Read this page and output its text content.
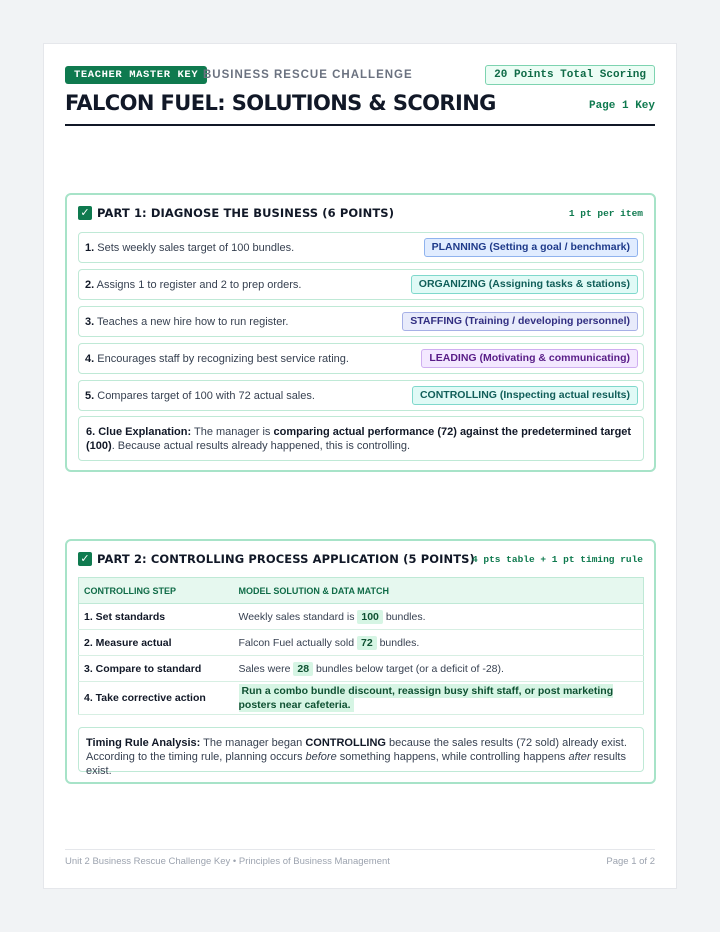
TEACHER MASTER KEY BUSINESS RESCUE CHALLENGE	20 Points Total Scoring
FALCON FUEL: SOLUTIONS & SCORING	Page 1 Key
✓ PART 1: DIAGNOSE THE BUSINESS (6 POINTS)	1 pt per item
1. Sets weekly sales target of 100 bundles.	PLANNING (Setting a goal / benchmark)
2. Assigns 1 to register and 2 to prep orders.	ORGANIZING (Assigning tasks & stations)
3. Teaches a new hire how to run register.	STAFFING (Training / developing personnel)
4. Encourages staff by recognizing best service rating.	LEADING (Motivating & communicating)
5. Compares target of 100 with 72 actual sales.	CONTROLLING (Inspecting actual results)
6. Clue Explanation: The manager is comparing actual performance (72) against the predetermined target (100). Because actual results already happened, this is controlling.
✓ PART 2: CONTROLLING PROCESS APPLICATION (5 POINTS)
4 pts table + 1 pt timing rule
CONTROLLING STEP	MODEL SOLUTION & DATA MATCH
1. Set standards	Weekly sales standard is 100 bundles.
2. Measure actual	Falcon Fuel actually sold 72 bundles.
3. Compare to standard	Sales were 28 bundles below target (or a deficit of -28).
4. Take corrective action	Run a combo bundle discount, reassign busy shift staff, or post marketing posters near cafeteria.
Timing Rule Analysis: The manager began CONTROLLING because the sales results (72 sold) already exist. According to the timing rule, planning occurs before something happens, while controlling happens after results exist.
Unit 2 Business Rescue Challenge Key • Principles of Business Management	Page 1 of 2
